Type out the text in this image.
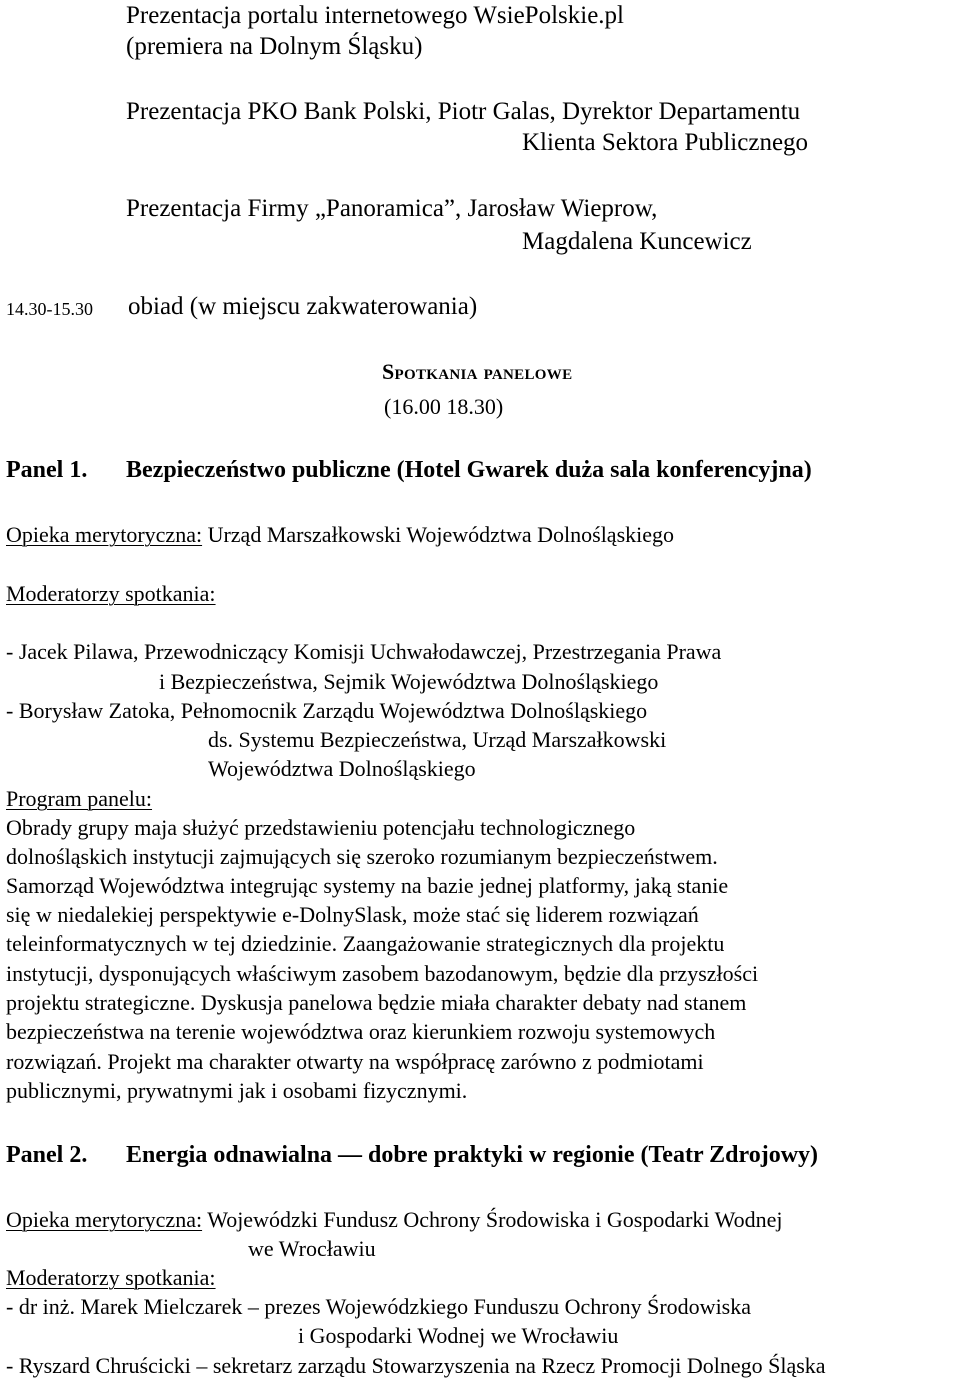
Prezentacja portalu internetowego WsiePolskie.pl
(premiera na Dolnym Śląsku)
Prezentacja PKO Bank Polski, Piotr Galas, Dyrektor Departamentu
Klienta Sektora Publicznego
Prezentacja Firmy „Panoramica”, Jarosław Wieprow,
Magdalena Kuncewicz
14.30-15.30 obiad (w miejscu zakwaterowania)
Spotkania panelowe
(16.00 18.30)
Panel 1. Bezpieczeństwo publiczne (Hotel Gwarek duża sala konferencyjna)
Opieka merytoryczna: Urząd Marszałkowski Województwa Dolnośląskiego
Moderatorzy spotkania:
- Jacek Pilawa, Przewodniczący Komisji Uchwałodawczej, Przestrzegania Prawa
i Bezpieczeństwa, Sejmik Województwa Dolnośląskiego
- Borysław Zatoka, Pełnomocnik Zarządu Województwa Dolnośląskiego
ds. Systemu Bezpieczeństwa, Urząd Marszałkowski
Województwa Dolnośląskiego
Program panelu:
Obrady grupy maja służyć przedstawieniu potencjału technologicznego
dolnośląskich instytucji zajmujących się szeroko rozumianym bezpieczeństwem.
Samorząd Województwa integrując systemy na bazie jednej platformy, jaką stanie
się w niedalekiej perspektywie e-DolnySlask, może stać się liderem rozwiązań
teleinformatycznych w tej dziedzinie. Zaangażowanie strategicznych dla projektu
instytucji, dysponujących właściwym zasobem bazodanowym, będzie dla przyszłości
projektu strategiczne. Dyskusja panelowa będzie miała charakter debaty nad stanem
bezpieczeństwa na terenie województwa oraz kierunkiem rozwoju systemowych
rozwiązań. Projekt ma charakter otwarty na współpracę zarówno z podmiotami
publicznymi, prywatnymi jak i osobami fizycznymi.
Panel 2. Energia odnawialna — dobre praktyki w regionie (Teatr Zdrojowy)
Opieka merytoryczna: Wojewódzki Fundusz Ochrony Środowiska i Gospodarki Wodnej
we Wrocławiu
Moderatorzy spotkania:
- dr inż. Marek Mielczarek – prezes Wojewódzkiego Funduszu Ochrony Środowiska
i Gospodarki Wodnej we Wrocławiu
- Ryszard Chruścicki – sekretarz zarządu Stowarzyszenia na Rzecz Promocji Dolnego Śląska
